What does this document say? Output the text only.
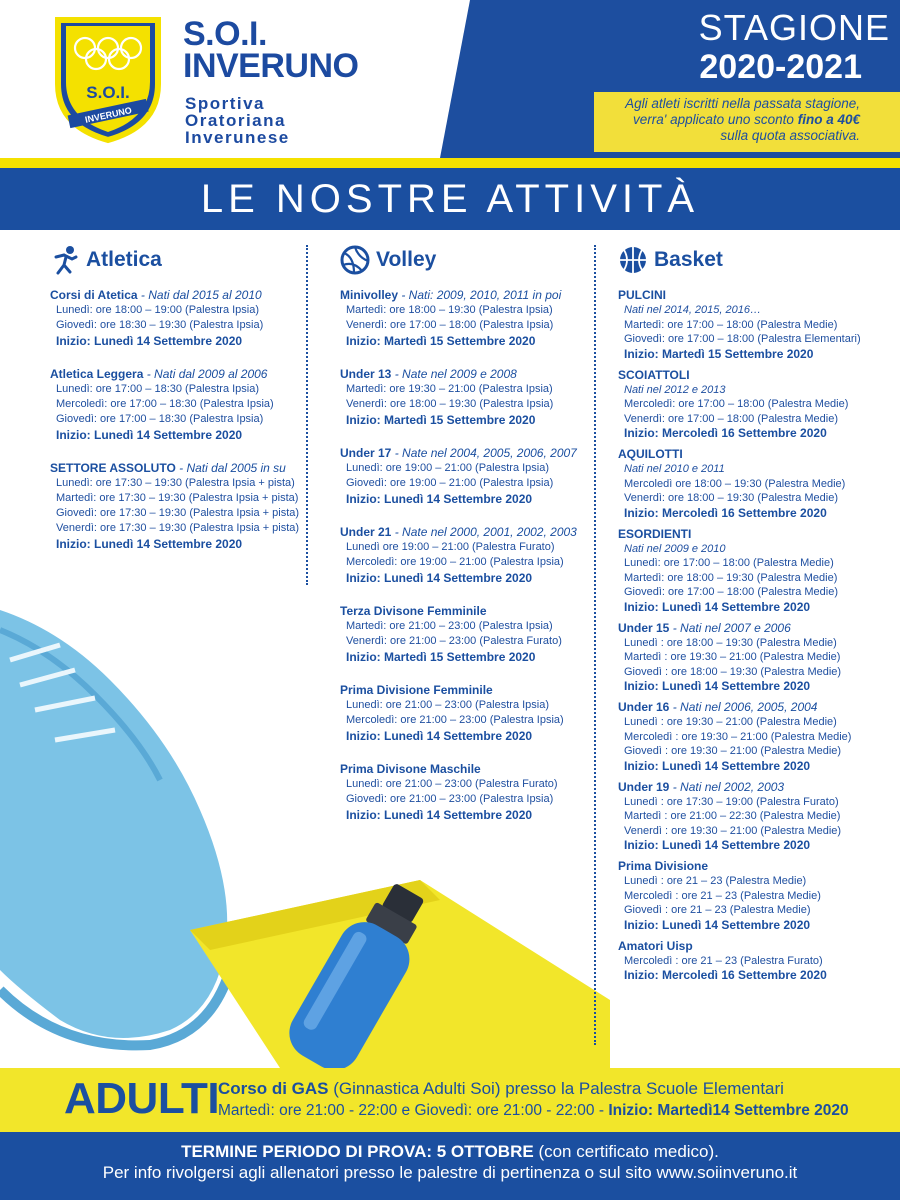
S.O.I.
INVERUNO
S.O.I.
INVERUNO
Sportiva
Oratoriana
Inverunese
STAGIONE
2020-2021
Agli atleti iscritti nella passata stagione,
verra' applicato uno sconto fino a 40€
sulla quota associativa.
LE NOSTRE ATTIVITÀ
Atletica
Corsi di Atetica - Nati dal 2015 al 2010
Lunedì: ore 18:00 – 19:00 (Palestra Ipsia)
Giovedì: ore 18:30 – 19:30 (Palestra Ipsia)
Inizio: Lunedì 14 Settembre 2020
Atletica Leggera - Nati dal 2009 al 2006
Lunedì: ore 17:00 – 18:30 (Palestra Ipsia)
Mercoledì: ore 17:00 – 18:30 (Palestra Ipsia)
Giovedì: ore 17:00 – 18:30 (Palestra Ipsia)
Inizio: Lunedì 14 Settembre 2020
SETTORE ASSOLUTO - Nati dal 2005 in su
Lunedì: ore 17:30 – 19:30 (Palestra Ipsia + pista)
Martedì: ore 17:30 – 19:30 (Palestra Ipsia + pista)
Giovedì: ore 17:30 – 19:30 (Palestra Ipsia + pista)
Venerdì: ore 17:30 – 19:30 (Palestra Ipsia + pista)
Inizio: Lunedì 14 Settembre 2020
Volley
Minivolley - Nati: 2009, 2010, 2011 in poi
Martedì: ore 18:00 – 19:30 (Palestra Ipsia)
Venerdì: ore 17:00 – 18:00 (Palestra Ipsia)
Inizio: Martedì 15 Settembre 2020
Under 13 - Nate nel 2009 e 2008
Martedì: ore 19:30 – 21:00 (Palestra Ipsia)
Venerdì: ore 18:00 – 19:30 (Palestra Ipsia)
Inizio: Martedì 15 Settembre 2020
Under 17 - Nate nel 2004, 2005, 2006, 2007
Lunedì: ore 19:00 – 21:00 (Palestra Ipsia)
Giovedì: ore 19:00 – 21:00 (Palestra Ipsia)
Inizio: Lunedì 14 Settembre 2020
Under 21 - Nate nel 2000, 2001, 2002, 2003
Lunedì ore 19:00 – 21:00 (Palestra Furato)
Mercoledì: ore 19:00 – 21:00 (Palestra Ipsia)
Inizio: Lunedì 14 Settembre 2020
Terza Divisone Femminile
Martedì: ore 21:00 – 23:00 (Palestra Ipsia)
Venerdì: ore 21:00 – 23:00 (Palestra Furato)
Inizio: Martedì 15 Settembre 2020
Prima Divisione Femminile
Lunedì: ore 21:00 – 23:00 (Palestra Ipsia)
Mercoledì: ore 21:00 – 23:00 (Palestra Ipsia)
Inizio: Lunedì 14 Settembre 2020
Prima Divisone Maschile
Lunedì: ore 21:00 – 23:00 (Palestra Furato)
Giovedì: ore 21:00 – 23:00 (Palestra Ipsia)
Inizio: Lunedì 14 Settembre 2020
Basket
PULCINI
Nati nel 2014, 2015, 2016…
Martedì: ore 17:00 – 18:00 (Palestra Medie)
Giovedì: ore 17:00 – 18:00 (Palestra Elementari)
Inizio: Martedì 15 Settembre 2020
SCOIATTOLI
Nati nel 2012 e 2013
Mercoledì: ore 17:00 – 18:00 (Palestra Medie)
Venerdì: ore 17:00 – 18:00 (Palestra Medie)
Inizio: Mercoledì 16 Settembre 2020
AQUILOTTI
Nati nel 2010 e 2011
Mercoledì ore 18:00 – 19:30 (Palestra Medie)
Venerdì: ore 18:00 – 19:30 (Palestra Medie)
Inizio: Mercoledì 16 Settembre 2020
ESORDIENTI
Nati nel 2009 e 2010
Lunedì: ore 17:00 – 18:00 (Palestra Medie)
Martedì: ore 18:00 – 19:30 (Palestra Medie)
Giovedì: ore 17:00 – 18:00 (Palestra Medie)
Inizio: Lunedì 14 Settembre 2020
Under 15 - Nati nel 2007 e 2006
Lunedì : ore 18:00 – 19:30 (Palestra Medie)
Martedì : ore 19:30 – 21:00 (Palestra Medie)
Giovedì : ore 18:00 – 19:30 (Palestra Medie)
Inizio: Lunedì 14 Settembre 2020
Under 16 - Nati nel 2006, 2005, 2004
Lunedì : ore 19:30 – 21:00 (Palestra Medie)
Mercoledì : ore 19:30 – 21:00 (Palestra Medie)
Giovedì : ore 19:30 – 21:00 (Palestra Medie)
Inizio: Lunedì 14 Settembre 2020
Under 19 - Nati nel 2002, 2003
Lunedì : ore 17:30 – 19:00 (Palestra Furato)
Martedì : ore 21:00 – 22:30 (Palestra Medie)
Venerdì : ore 19:30 – 21:00 (Palestra Medie)
Inizio: Lunedì 14 Settembre 2020
Prima Divisione
Lunedì : ore 21 – 23 (Palestra Medie)
Mercoledì : ore 21 – 23 (Palestra Medie)
Giovedì : ore 21 – 23 (Palestra Medie)
Inizio: Lunedì 14 Settembre 2020
Amatori Uisp
Mercoledì : ore 21 – 23 (Palestra Furato)
Inizio: Mercoledì 16 Settembre 2020
ADULTI
Corso di GAS (Ginnastica Adulti Soi) presso la Palestra Scuole Elementari
Martedì: ore 21:00 - 22:00 e Giovedì: ore 21:00 - 22:00 - Inizio: Martedì14 Settembre 2020
TERMINE PERIODO DI PROVA: 5 OTTOBRE (con certificato medico).
Per info rivolgersi agli allenatori presso le palestre di pertinenza o sul sito www.soiinveruno.it
